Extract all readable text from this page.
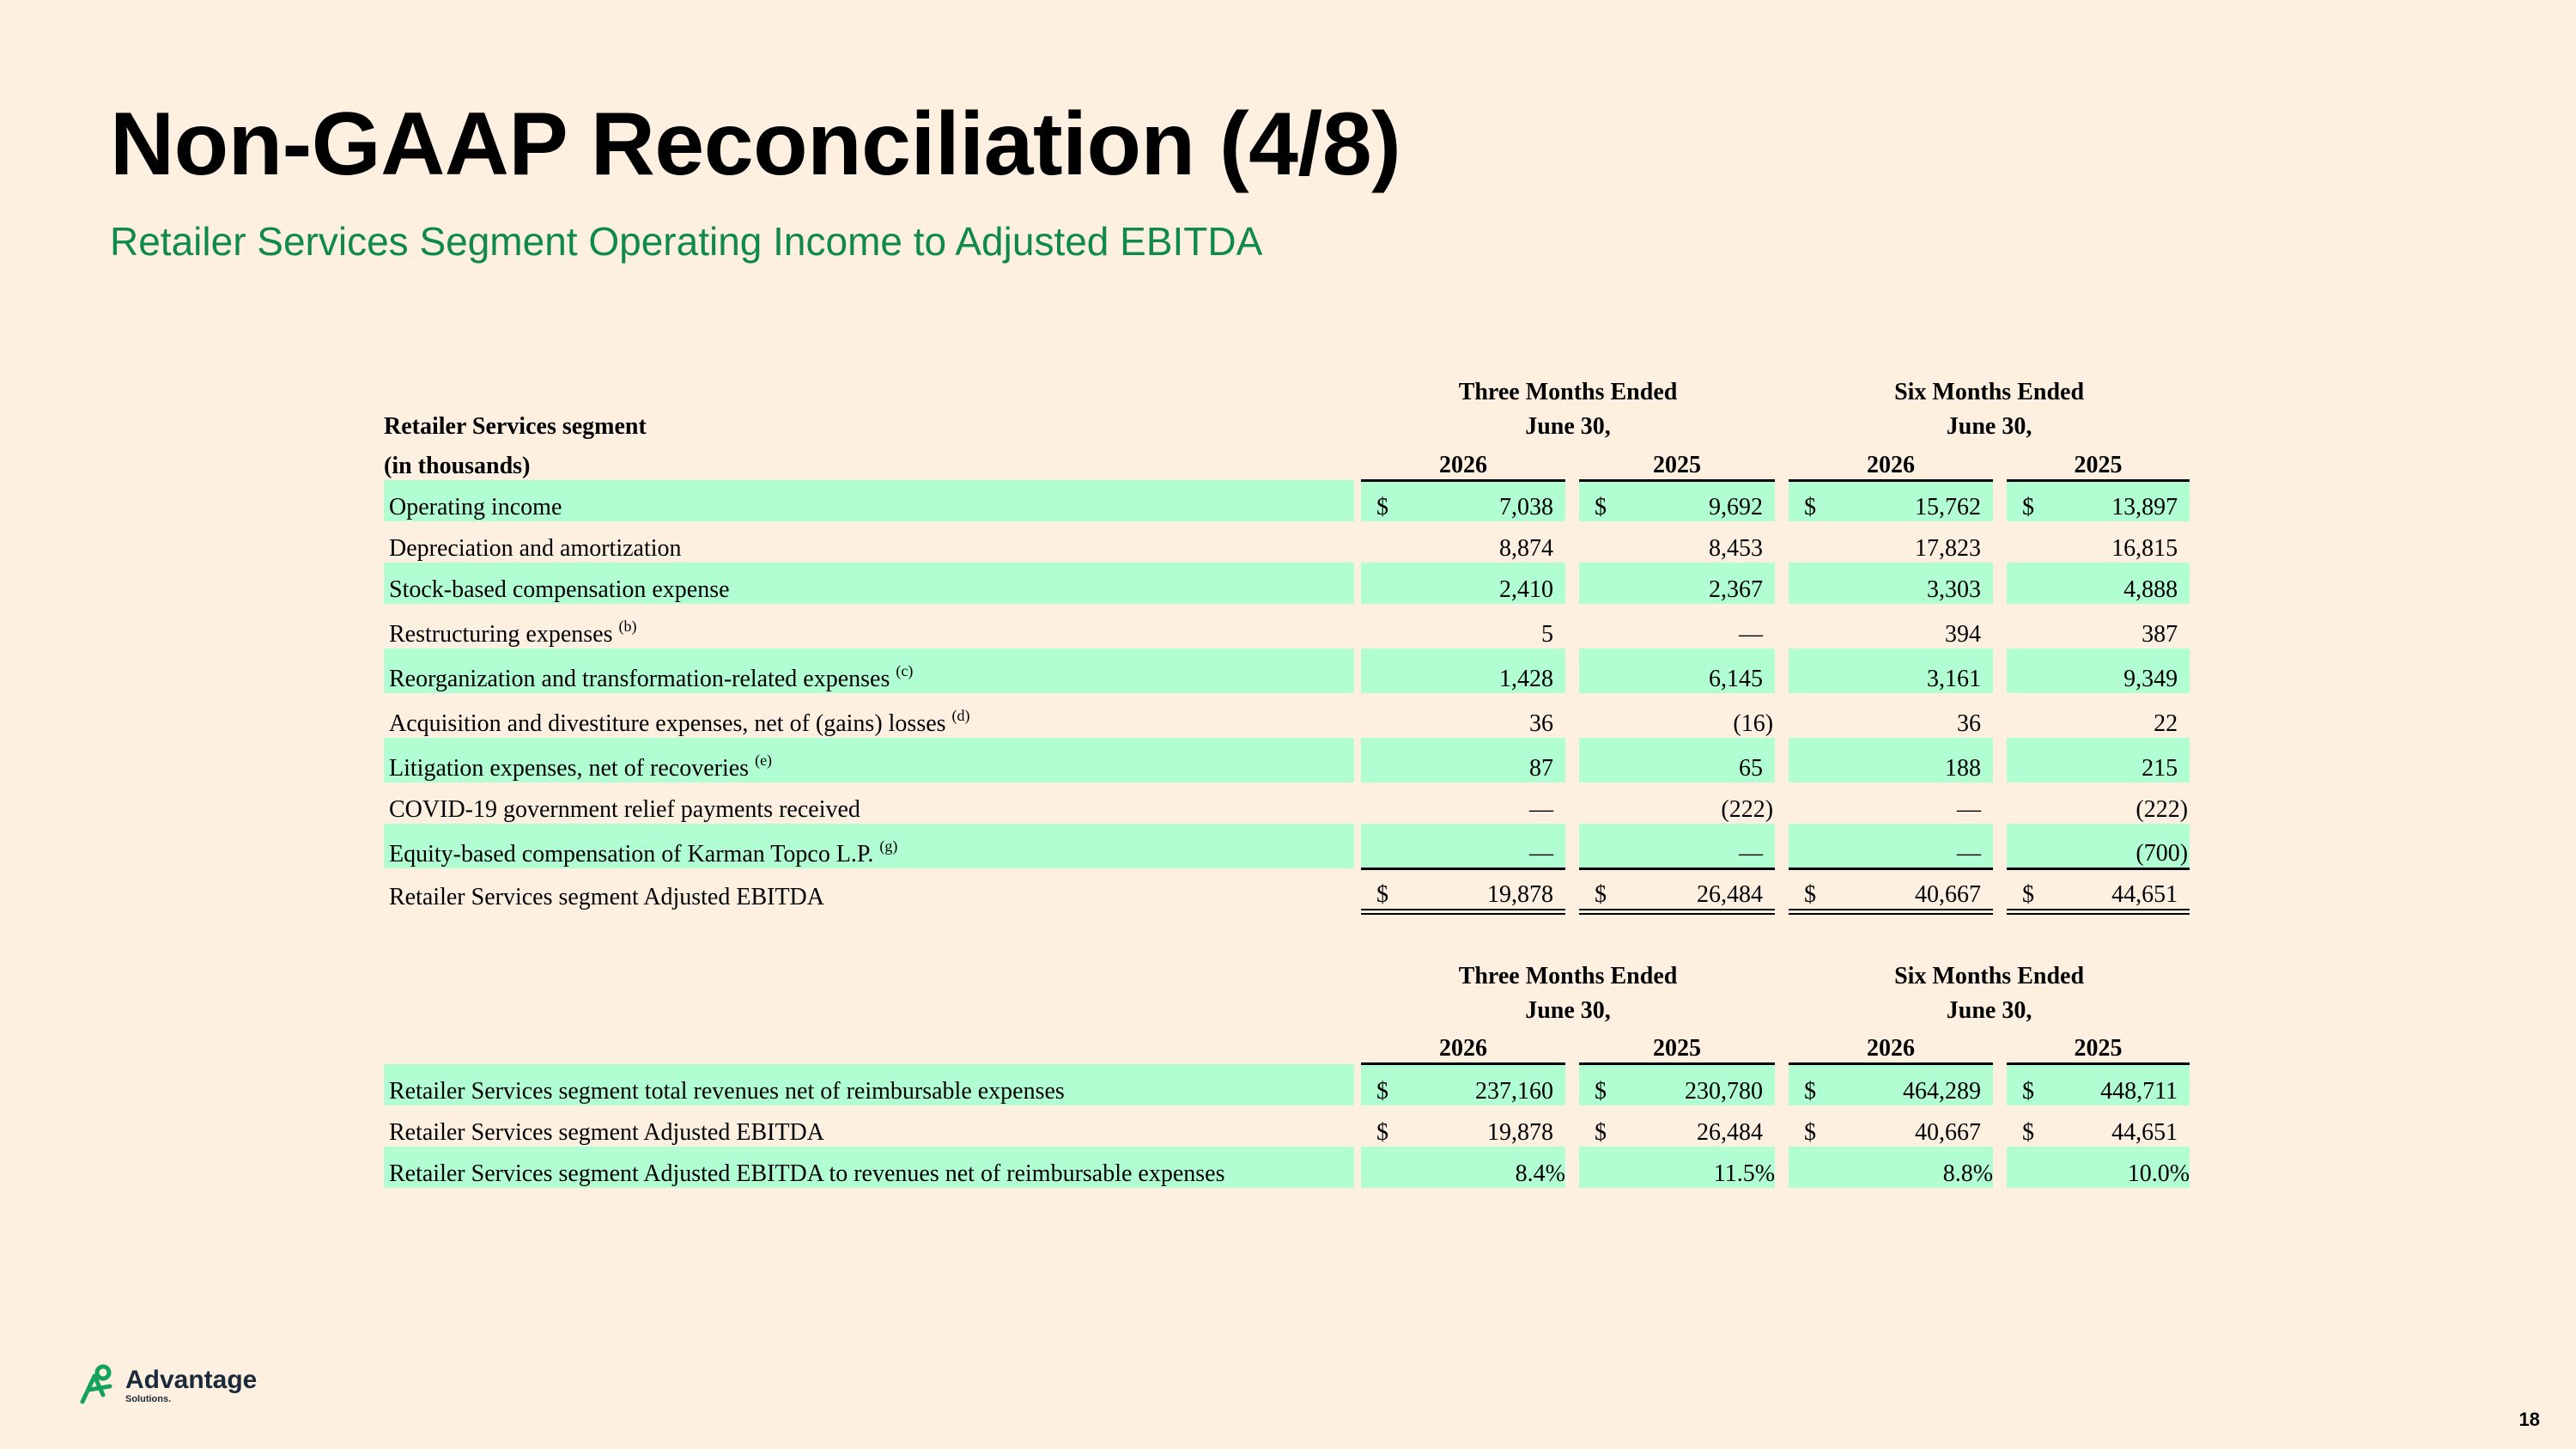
Non-GAAP Reconciliation (4/8)
Retailer Services Segment Operating Income to Adjusted EBITDA
		Three Months Ended						Six Months Ended				
Retailer Services segment		June 30,						June 30,				
(in thousands)		2026			2025			2026			2025	
Operating income		$	7,038		$	9,692		$	15,762		$	13,897
Depreciation and amortization			8,874			8,453			17,823			16,815
Stock-based compensation expense			2,410			2,367			3,303			4,888
Restructuring expenses $^{(b)}$			5			—			394			387
Reorganization and transformation-related expenses $^{(c)}$			1,428			6,145			3,161			9,349
Acquisition and divestiture expenses, net of (gains) losses $^{(d)}$			36			(16)			36			22
Litigation expenses, net of recoveries $^{(e)}$			87			65			188			215
COVID-19 government relief payments received			—			(222)			—			(222)
Equity-based compensation of Karman Topco L.P. $^{(g)}$			—			—			—			(700)
Retailer Services segment Adjusted EBITDA		$	19,878		$	26,484		$	40,667		$	44,651

		Three Months Ended						Six Months Ended				
		June 30,						June 30,				
		2026			2025			2026			2025	
Retailer Services segment total revenues net of reimbursable expenses		$	237,160		$	230,780		$	464,289		$	448,711
Retailer Services segment Adjusted EBITDA		$	19,878		$	26,484		$	40,667		$	44,651
Retailer Services segment Adjusted EBITDA to revenues net of reimbursable expenses			8.4%			11.5%			8.8%			10.0%
Advantage
Solutions.
18
